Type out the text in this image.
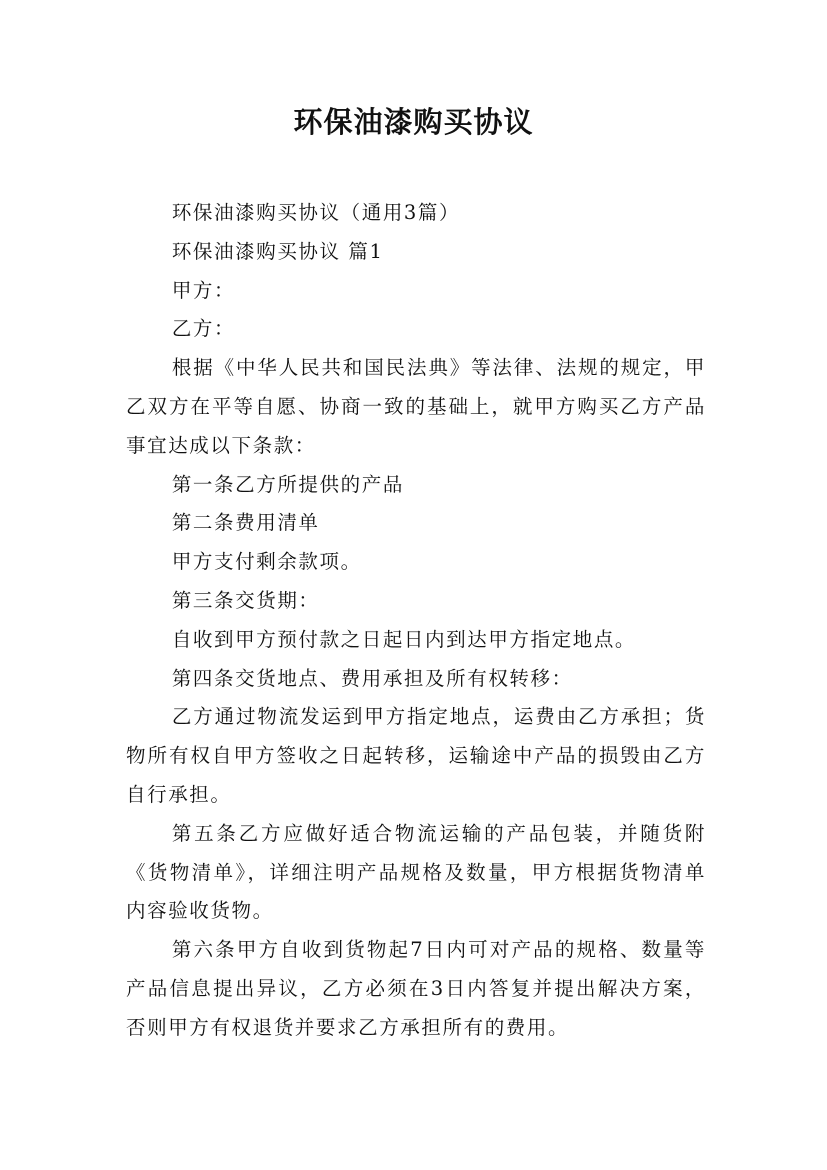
环保油漆购买协议

环保油漆购买协议（通用3篇）

环保油漆购买协议 篇1

甲方：

乙方：

根据《中华人民共和国民法典》等法律、法规的规定，甲乙双方在平等自愿、协商一致的基础上，就甲方购买乙方产品事宜达成以下条款：

第一条乙方所提供的产品

第二条费用清单

甲方支付剩余款项。

第三条交货期：

自收到甲方预付款之日起日内到达甲方指定地点。

第四条交货地点、费用承担及所有权转移：

乙方通过物流发运到甲方指定地点，运费由乙方承担；货物所有权自甲方签收之日起转移，运输途中产品的损毁由乙方自行承担。

第五条乙方应做好适合物流运输的产品包装，并随货附《货物清单》，详细注明产品规格及数量，甲方根据货物清单内容验收货物。

第六条甲方自收到货物起7日内可对产品的规格、数量等产品信息提出异议，乙方必须在3日内答复并提出解决方案，否则甲方有权退货并要求乙方承担所有的费用。
